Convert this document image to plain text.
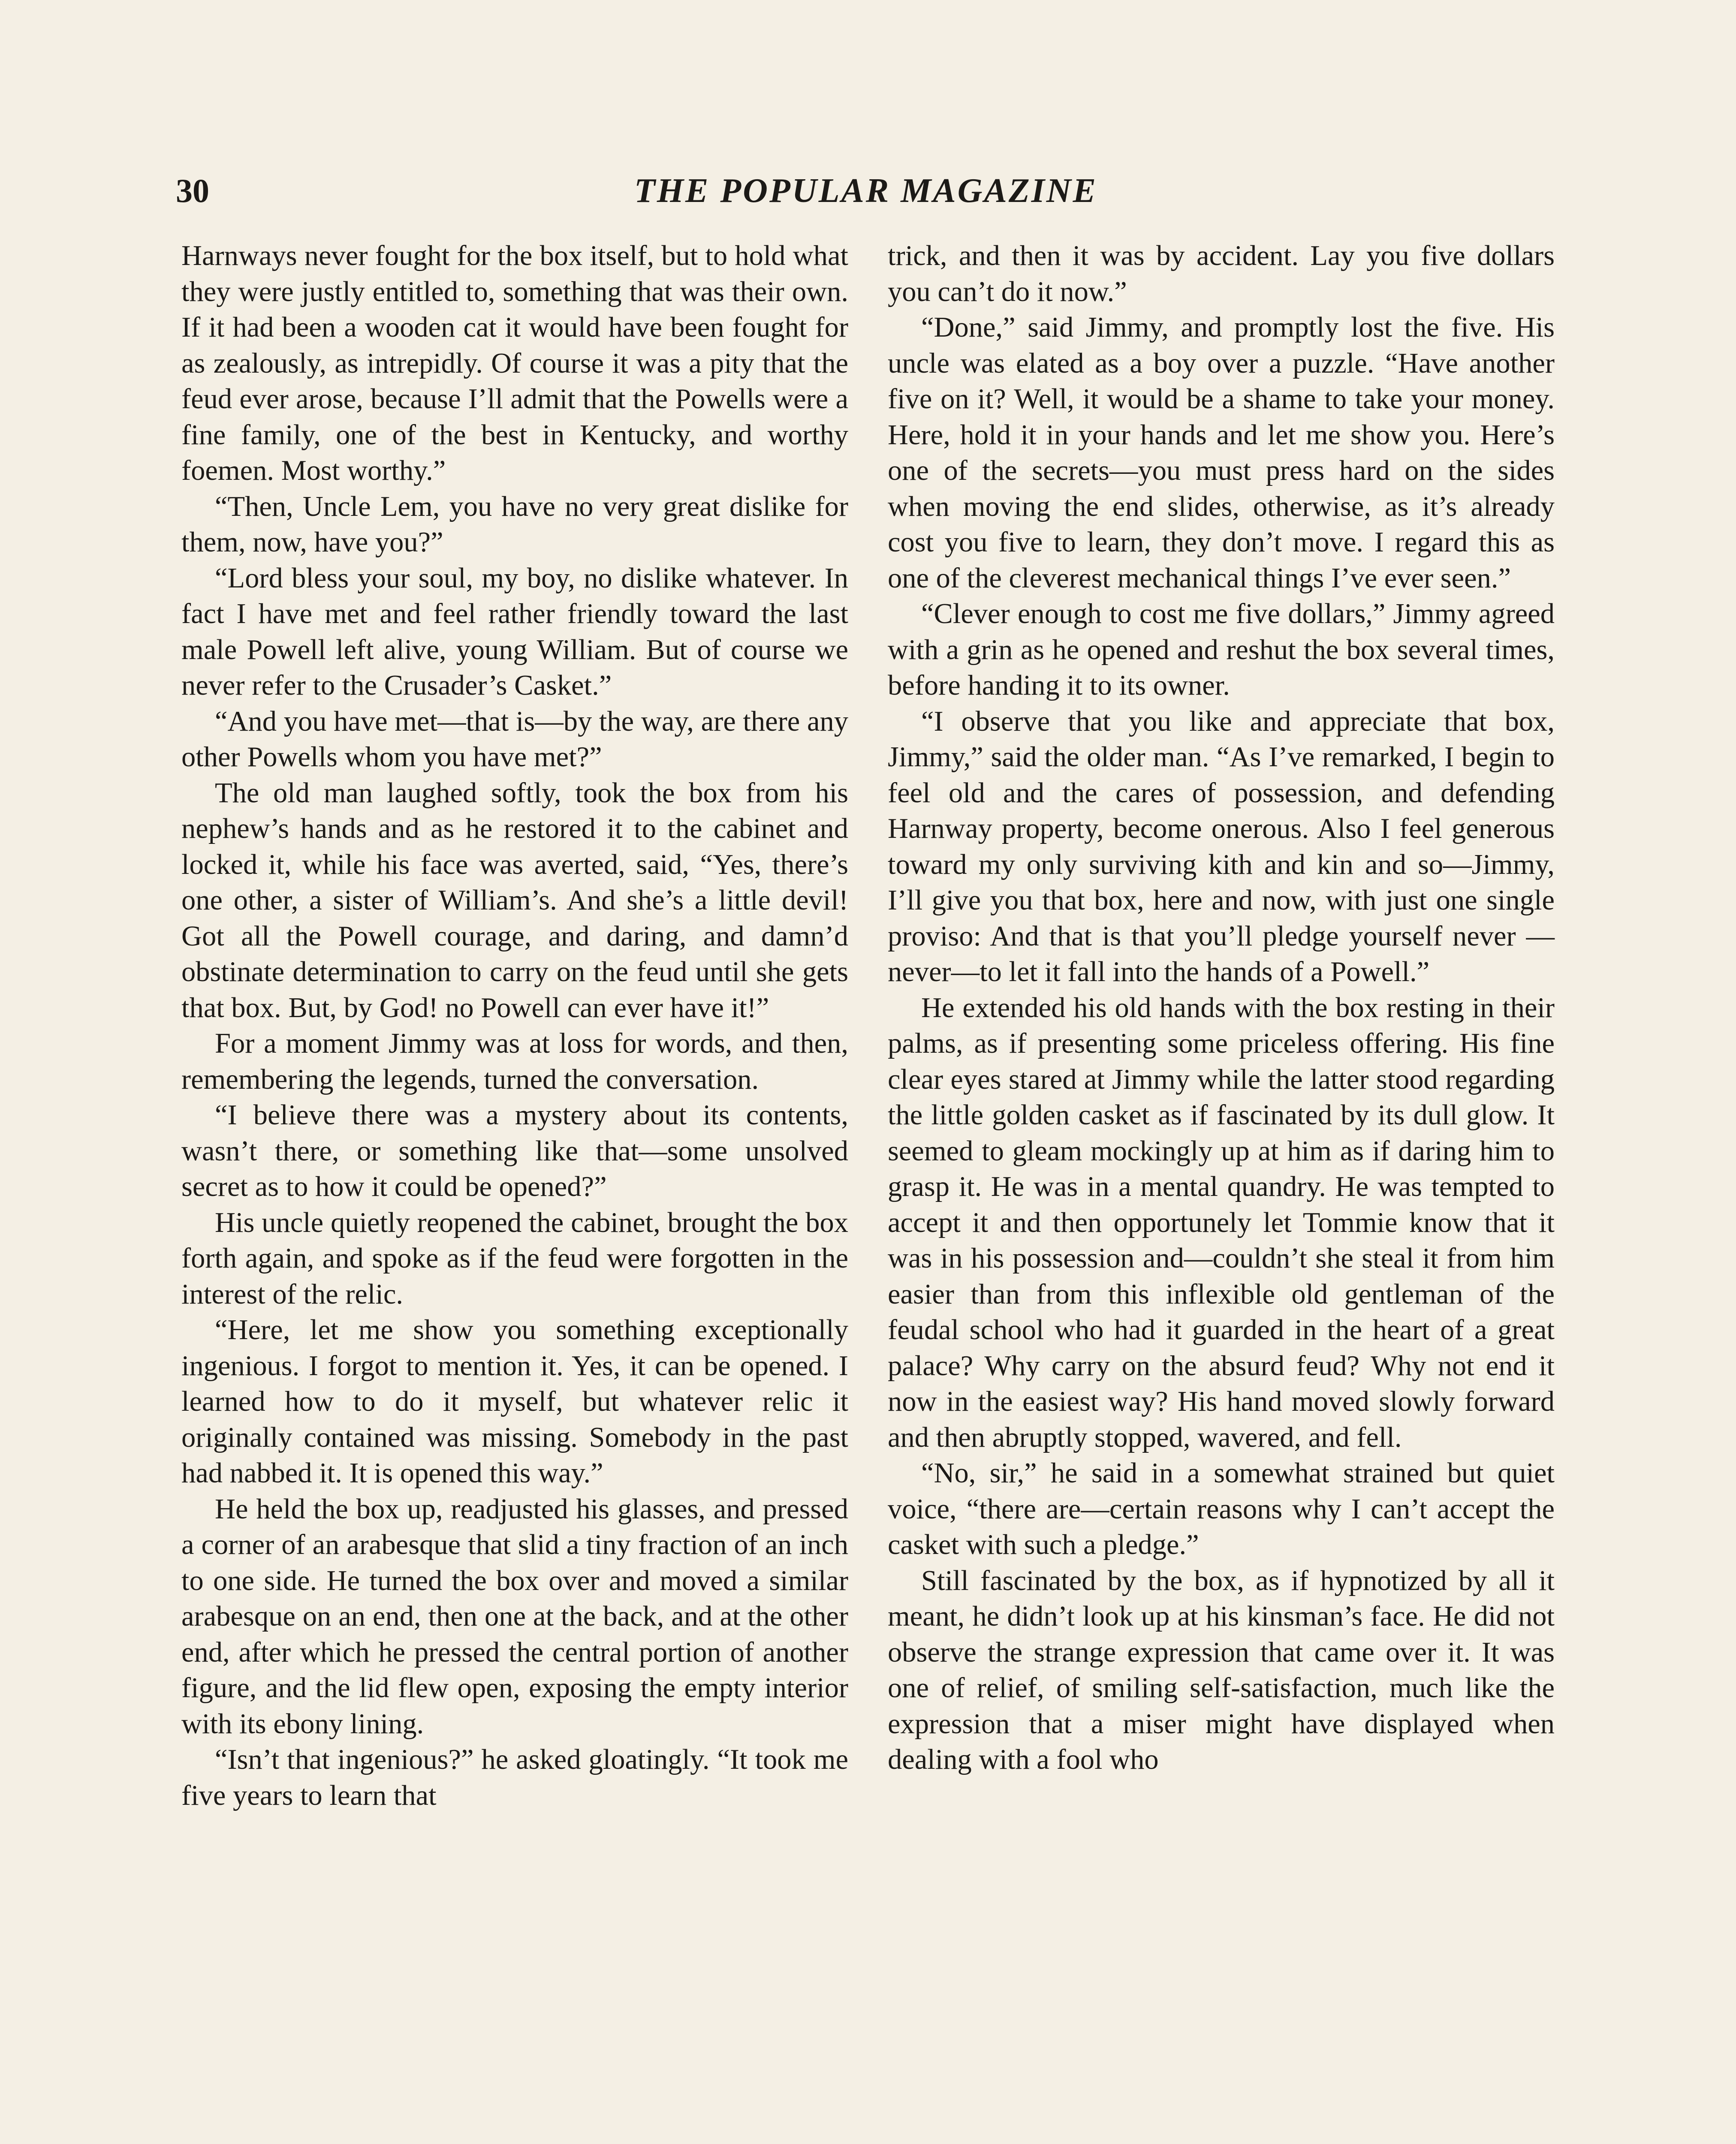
30	THE POPULAR MAGAZINE

Harnways never fought for the box itself, but to hold what they were justly entitled to, something that was their own. If it had been a wooden cat it would have been fought for as zealously, as intrepidly. Of course it was a pity that the feud ever arose, because I’ll admit that the Powells were a fine family, one of the best in Kentucky, and worthy foemen. Most worthy.”

“Then, Uncle Lem, you have no very great dislike for them, now, have you?”

“Lord bless your soul, my boy, no dislike whatever. In fact I have met and feel rather friendly toward the last male Powell left alive, young William. But of course we never refer to the Crusader’s Casket.”

“And you have met—that is—by the way, are there any other Powells whom you have met?”

The old man laughed softly, took the box from his nephew’s hands and as he restored it to the cabinet and locked it, while his face was averted, said, “Yes, there’s one other, a sister of William’s. And she’s a little devil! Got all the Powell courage, and daring, and damn’d obstinate determination to carry on the feud until she gets that box. But, by God! no Powell can ever have it!”

For a moment Jimmy was at loss for words, and then, remembering the legends, turned the conversation.

“I believe there was a mystery about its contents, wasn’t there, or something like that—some unsolved secret as to how it could be opened?”

His uncle quietly reopened the cabinet, brought the box forth again, and spoke as if the feud were forgotten in the interest of the relic.

“Here, let me show you something exceptionally ingenious. I forgot to mention it. Yes, it can be opened. I learned how to do it myself, but whatever relic it originally contained was missing. Somebody in the past had nabbed it. It is opened this way.”

He held the box up, readjusted his glasses, and pressed a corner of an arabesque that slid a tiny fraction of an inch to one side. He turned the box over and moved a similar arabesque on an end, then one at the back, and at the other end, after which he pressed the central portion of another figure, and the lid flew open, exposing the empty interior with its ebony lining.

“Isn’t that ingenious?” he asked gloatingly. “It took me five years to learn that

trick, and then it was by accident. Lay you five dollars you can’t do it now.”

“Done,” said Jimmy, and promptly lost the five. His uncle was elated as a boy over a puzzle. “Have another five on it? Well, it would be a shame to take your money. Here, hold it in your hands and let me show you. Here’s one of the secrets—you must press hard on the sides when moving the end slides, otherwise, as it’s already cost you five to learn, they don’t move. I regard this as one of the cleverest mechanical things I’ve ever seen.”

“Clever enough to cost me five dollars,” Jimmy agreed with a grin as he opened and reshut the box several times, before handing it to its owner.

“I observe that you like and appreciate that box, Jimmy,” said the older man. “As I’ve remarked, I begin to feel old and the cares of possession, and defending Harnway property, become onerous. Also I feel generous toward my only surviving kith and kin and so—Jimmy, I’ll give you that box, here and now, with just one single proviso: And that is that you’ll pledge yourself never —never—to let it fall into the hands of a Powell.”

He extended his old hands with the box resting in their palms, as if presenting some priceless offering. His fine clear eyes stared at Jimmy while the latter stood regarding the little golden casket as if fascinated by its dull glow. It seemed to gleam mockingly up at him as if daring him to grasp it. He was in a mental quandry. He was tempted to accept it and then opportunely let Tommie know that it was in his possession and—couldn’t she steal it from him easier than from this inflexible old gentleman of the feudal school who had it guarded in the heart of a great palace? Why carry on the absurd feud? Why not end it now in the easiest way? His hand moved slowly forward and then abruptly stopped, wavered, and fell.

“No, sir,” he said in a somewhat strained but quiet voice, “there are—certain reasons why I can’t accept the casket with such a pledge.”

Still fascinated by the box, as if hypnotized by all it meant, he didn’t look up at his kinsman’s face. He did not observe the strange expression that came over it. It was one of relief, of smiling self-satisfaction, much like the expression that a miser might have displayed when dealing with a fool who
